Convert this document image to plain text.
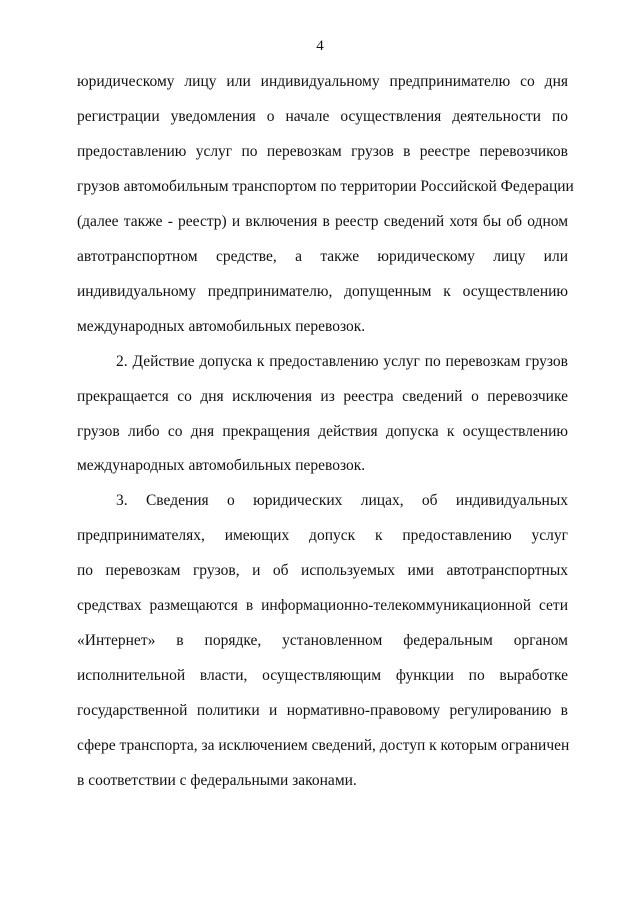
4
юридическому лицу или индивидуальному предпринимателю со дня
регистрации уведомления о начале осуществления деятельности по
предоставлению услуг по перевозкам грузов в реестре перевозчиков
грузов автомобильным транспортом по территории Российской Федерации
(далее также - реестр) и включения в реестр сведений хотя бы об одном
автотранспортном средстве, а также юридическому лицу или
индивидуальному предпринимателю, допущенным к осуществлению
международных автомобильных перевозок.
2. Действие допуска к предоставлению услуг по перевозкам грузов
прекращается со дня исключения из реестра сведений о перевозчике
грузов либо со дня прекращения действия допуска к осуществлению
международных автомобильных перевозок.
3. Сведения о юридических лицах, об индивидуальных
предпринимателях, имеющих допуск к предоставлению услуг
по перевозкам грузов, и об используемых ими автотранспортных
средствах размещаются в информационно-телекоммуникационной сети
«Интернет» в порядке, установленном федеральным органом
исполнительной власти, осуществляющим функции по выработке
государственной политики и нормативно-правовому регулированию в
сфере транспорта, за исключением сведений, доступ к которым ограничен
в соответствии с федеральными законами.
